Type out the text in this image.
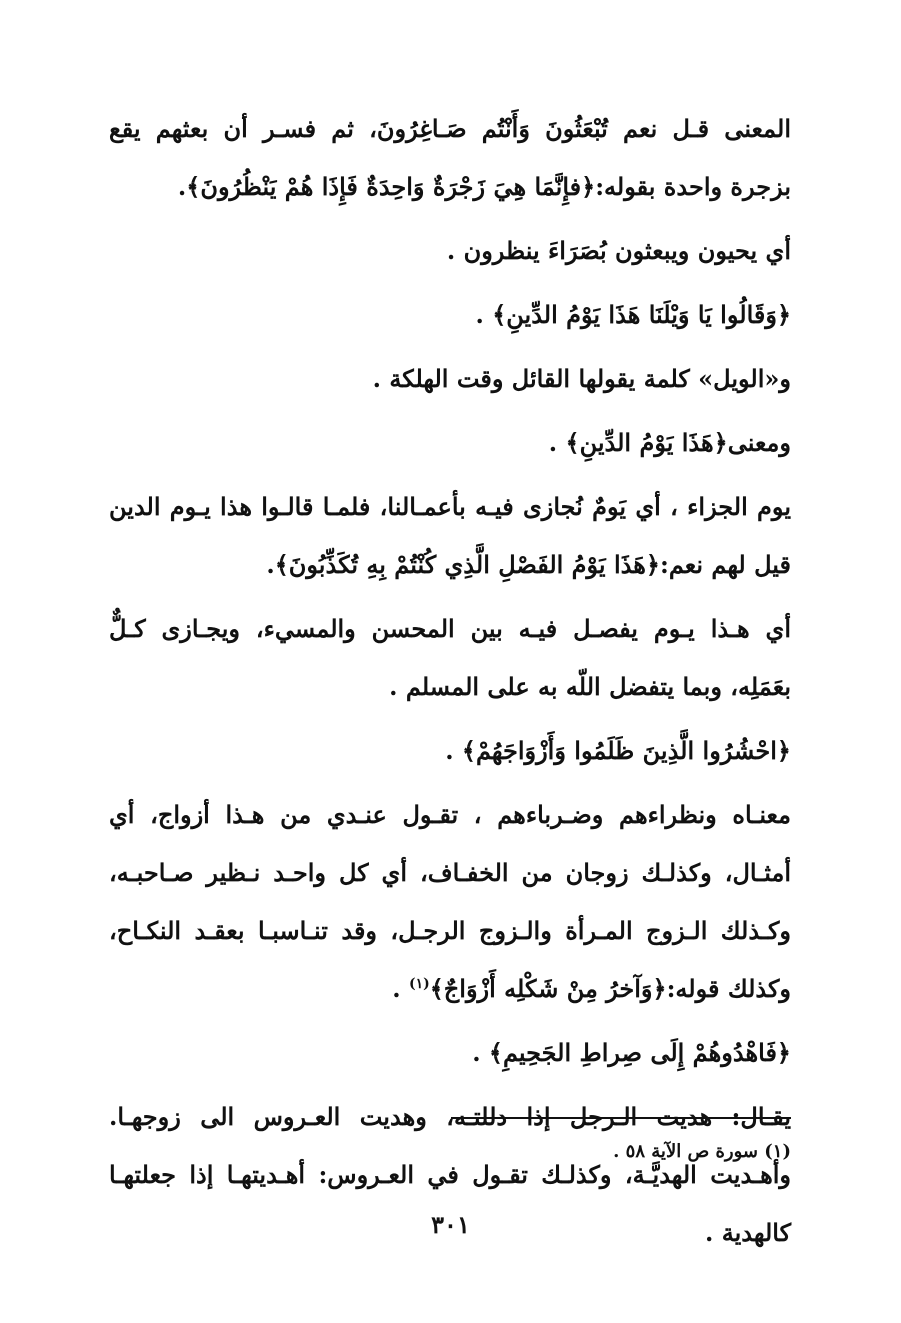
المعنى قـل نعم تُبْعَثُونَ وَأَنْتُم صَـاغِرُونَ، ثم فسـر أن بعثهم يقع بزجرة واحدة بقوله:﴿فإِنَّمَا هِيَ زَجْرَةٌ وَاحِدَةٌ فَإِذَا هُمْ يَنْظُرُونَ﴾.

أي يحيون ويبعثون بُصَرَاءَ ينظرون .

﴿وَقَالُوا يَا وَيْلَنَا هَذَا يَوْمُ الدِّينِ﴾ .

و«الويل» كلمة يقولها القائل وقت الهلكة .

ومعنى﴿هَذَا يَوْمُ الدِّينِ﴾ .

يوم الجزاء ، أي يَومٌ نُجازى فيـه بأعمـالنا، فلمـا قالـوا هذا يـوم الدين قيل لهم نعم:﴿هَذَا يَوْمُ الفَصْلِ الَّذِي كُنْتُمْ بِهِ تُكَذِّبُونَ﴾.

أي هـذا يـوم يفصـل فيـه بين المحسن والمسيء، ويجـازى كـلٌّ بعَمَلِه، وبما يتفضل اللّه به على المسلم .

﴿احْشُرُوا الَّذِينَ ظَلَمُوا وَأَزْوَاجَهُمْ﴾ .

معنـاه ونظراءهم وضـرباءهم ، تقـول عنـدي من هـذا أزواج، أي أمثـال، وكذلـك زوجان من الخفـاف، أي كل واحـد نـظير صـاحبـه، وكـذلك الـزوج المـرأة والـزوج الرجـل، وقد تنـاسبـا بعقـد النكـاح، وكذلك قوله:﴿وَآخرُ مِنْ شَكْلِه أَزْوَاجٌ﴾$^{(١)}$ .

﴿فَاهْدُوهُمْ إِلَى صِراطِ الجَحِيمِ﴾ .

يقـال: هديت الـرجل إذا دللتـه، وهديت العـروس الى زوجهـا. وأهـديت الهديَّـة، وكذلـك تقـول في العـروس: أهـديتهـا إذا جعلتهـا كالهدية .

(١) سورة ص الآية ٥٨ .
٣٠١
